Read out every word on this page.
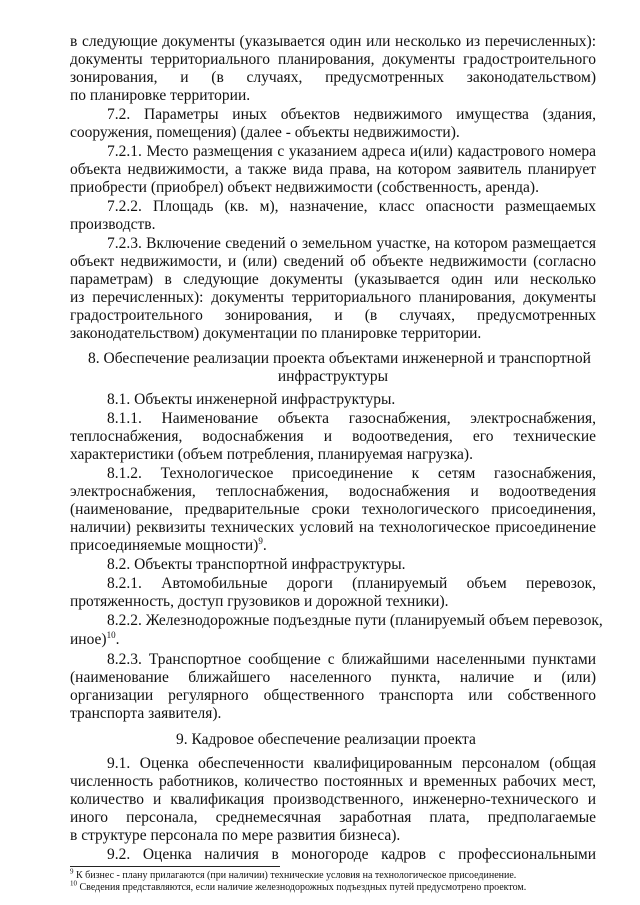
в следующие документы (указывается один или несколько из перечисленных):
документы территориального планирования, документы градостроительного
зонирования, и (в случаях, предусмотренных законодательством)
по планировке территории.
7.2. Параметры иных объектов недвижимого имущества (здания,
сооружения, помещения) (далее - объекты недвижимости).
7.2.1. Место размещения с указанием адреса и(или) кадастрового номера
объекта недвижимости, а также вида права, на котором заявитель планирует
приобрести (приобрел) объект недвижимости (собственность, аренда).
7.2.2. Площадь (кв. м), назначение, класс опасности размещаемых
производств.
7.2.3. Включение сведений о земельном участке, на котором размещается
объект недвижимости, и (или) сведений об объекте недвижимости (согласно
параметрам) в следующие документы (указывается один или несколько
из перечисленных): документы территориального планирования, документы
градостроительного зонирования, и (в случаях, предусмотренных
законодательством) документации по планировке территории.
8. Обеспечение реализации проекта объектами инженерной и транспортной
инфраструктуры
8.1. Объекты инженерной инфраструктуры.
8.1.1. Наименование объекта газоснабжения, электроснабжения,
теплоснабжения, водоснабжения и водоотведения, его технические
характеристики (объем потребления, планируемая нагрузка).
8.1.2. Технологическое присоединение к сетям газоснабжения,
электроснабжения, теплоснабжения, водоснабжения и водоотведения
(наименование, предварительные сроки технологического присоединения,
наличии) реквизиты технических условий на технологическое присоединение
присоединяемые мощности)$^9$.
8.2. Объекты транспортной инфраструктуры.
8.2.1. Автомобильные дороги (планируемый объем перевозок,
протяженность, доступ грузовиков и дорожной техники).
8.2.2. Железнодорожные подъездные пути (планируемый объем перевозок,
иное)$^{10}$.
8.2.3. Транспортное сообщение с ближайшими населенными пунктами
(наименование ближайшего населенного пункта, наличие и (или)
организации регулярного общественного транспорта или собственного
транспорта заявителя).
9. Кадровое обеспечение реализации проекта
9.1. Оценка обеспеченности квалифицированным персоналом (общая
численность работников, количество постоянных и временных рабочих мест,
количество и квалификация производственного, инженерно-технического и
иного персонала, среднемесячная заработная плата, предполагаемые
в структуре персонала по мере развития бизнеса).
9.2. Оценка наличия в моногороде кадров с профессиональными
$^9$ К бизнес - плану прилагаются (при наличии) технические условия на технологическое присоединение.
$^{10}$ Сведения представляются, если наличие железнодорожных подъездных путей предусмотрено проектом.
